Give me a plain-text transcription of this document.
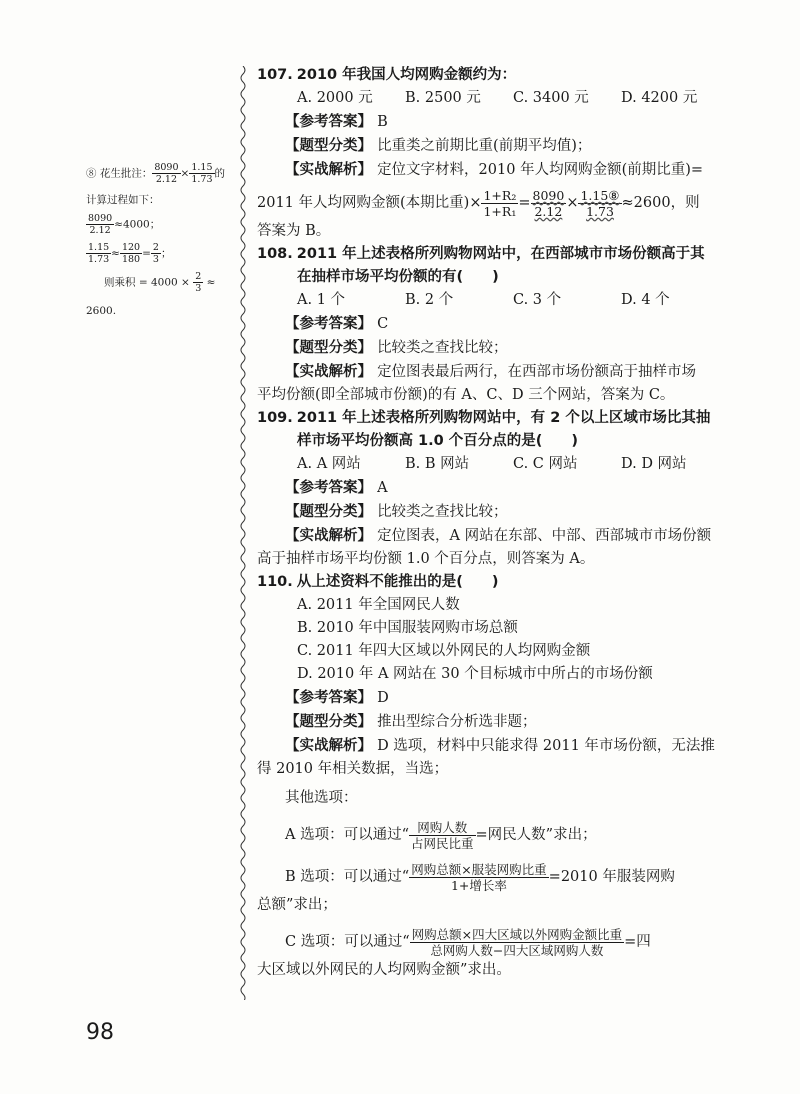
⑧ 花生批注： $\frac{8090}{2.12} \times \frac{1.15}{1.73}$ 的

计算过程如下：

$\frac{8090}{2.12} \approx 4000$；

$\frac{1.15}{1.73} \approx \frac{120}{180} = \frac{2}{3}$ ；

则乘积 = $4000 \times \frac{2}{3}$ ≈

2600.

107. 2010 年我国人均网购金额约为：

A. 2000 元	B. 2500 元	C. 3400 元	D. 4200 元

【参考答案】 B

【题型分类】 比重类之前期比重(前期平均值)；

【实战解析】 定位文字材料，2010 年人均网购金额(前期比重)=

2011 年人均网购金额(本期比重)× $\frac{\text{1+R₂}}{\text{1+R₁}} = \frac{8090}{2.12} \times \frac{\text{1.15⑧}}{1.73} \approx 2600$，则

答案为 B。

108. 2011 年上述表格所列购物网站中，在西部城市市场份额高于其

在抽样市场平均份额的有(　　)

A. 1 个	B. 2 个	C. 3 个	D. 4 个

【参考答案】 C

【题型分类】 比较类之查找比较；

【实战解析】 定位图表最后两行，在西部市场份额高于抽样市场

平均份额(即全部城市份额)的有 A、C、D 三个网站，答案为 C。

109. 2011 年上述表格所列购物网站中，有 2 个以上区域市场比其抽

样市场平均份额高 1.0 个百分点的是(　　)

A. A 网站	B. B 网站	C. C 网站	D. D 网站

【参考答案】 A

【题型分类】 比较类之查找比较；

【实战解析】 定位图表，A 网站在东部、中部、西部城市市场份额

高于抽样市场平均份额 1.0 个百分点，则答案为 A。

110. 从上述资料不能推出的是(　　)

A. 2011 年全国网民人数

B. 2010 年中国服装网购市场总额

C. 2011 年四大区域以外网民的人均网购金额

D. 2010 年 A 网站在 30 个目标城市中所占的市场份额

【参考答案】 D

【题型分类】 推出型综合分析选非题；

【实战解析】 D 选项，材料中只能求得 2011 年市场份额，无法推

得 2010 年相关数据，当选；

其他选项：

A 选项：可以通过“ $\frac{\text{网购人数}}{\text{占网民比重}}$ =网民人数”求出；

B 选项：可以通过“ $\frac{\text{网购总额×服装网购比重}}{\text{1+增长率}} =2010$ 年服装网购

总额”求出；

C 选项：可以通过“ $\frac{\text{网购总额×四大区域以外网购金额比重}}{\text{总网购人数−四大区域网购人数}}$ =四

大区域以外网民的人均网购金额”求出。

98
